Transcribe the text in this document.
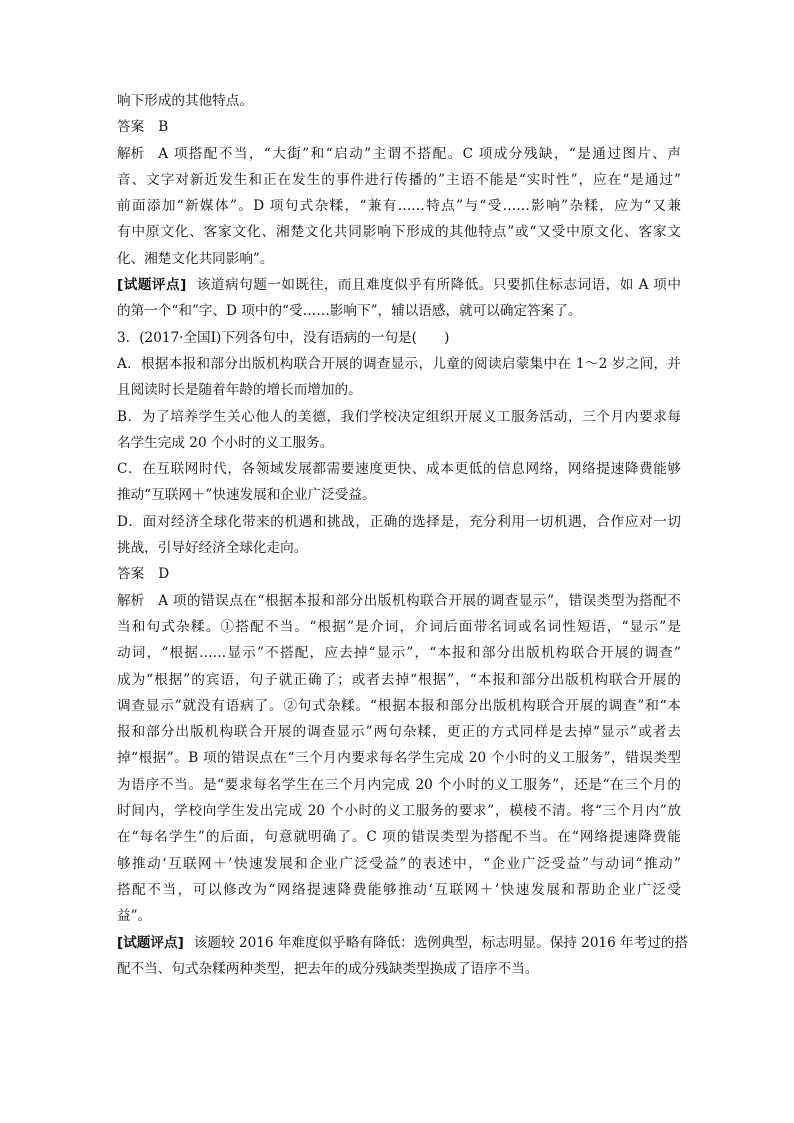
响下形成的其他特点。
答案 B
解析 A 项搭配不当，“大街”和“启动”主谓不搭配。C 项成分残缺，“是通过图片、声
音、文字对新近发生和正在发生的事件进行传播的”主语不能是“实时性”，应在“是通过”
前面添加“新媒体”。D 项句式杂糅，“兼有……特点”与“受……影响”杂糅，应为“又兼
有中原文化、客家文化、湘楚文化共同影响下形成的其他特点”或“又受中原文化、客家文
化、湘楚文化共同影响”。
[试题评点] 该道病句题一如既往，而且难度似乎有所降低。只要抓住标志词语，如 A 项中
的第一个“和”字、D 项中的“受……影响下”，辅以语感，就可以确定答案了。
3．(2017·全国Ⅰ)下列各句中，没有语病的一句是(　　)
A．根据本报和部分出版机构联合开展的调查显示，儿童的阅读启蒙集中在 1～2 岁之间，并
且阅读时长是随着年龄的增长而增加的。
B．为了培养学生关心他人的美德，我们学校决定组织开展义工服务活动，三个月内要求每
名学生完成 20 个小时的义工服务。
C．在互联网时代，各领域发展都需要速度更快、成本更低的信息网络，网络提速降费能够
推动“互联网＋”快速发展和企业广泛受益。
D．面对经济全球化带来的机遇和挑战，正确的选择是，充分利用一切机遇，合作应对一切
挑战，引导好经济全球化走向。
答案 D
解析 A 项的错误点在“根据本报和部分出版机构联合开展的调查显示”，错误类型为搭配不
当和句式杂糅。①搭配不当。“根据”是介词，介词后面带名词或名词性短语，“显示”是
动词，“根据……显示”不搭配，应去掉“显示”，“本报和部分出版机构联合开展的调查”
成为“根据”的宾语，句子就正确了；或者去掉“根据”，“本报和部分出版机构联合开展的
调查显示”就没有语病了。②句式杂糅。“根据本报和部分出版机构联合开展的调查”和“本
报和部分出版机构联合开展的调查显示”两句杂糅，更正的方式同样是去掉“显示”或者去
掉“根据”。B 项的错误点在“三个月内要求每名学生完成 20 个小时的义工服务”，错误类型
为语序不当。是“要求每名学生在三个月内完成 20 个小时的义工服务”，还是“在三个月的
时间内，学校向学生发出完成 20 个小时的义工服务的要求”，模棱不清。将“三个月内”放
在“每名学生”的后面，句意就明确了。C 项的错误类型为搭配不当。在“网络提速降费能
够推动‘互联网＋’快速发展和企业广泛受益”的表述中，“企业广泛受益”与动词“推动”
搭配不当，可以修改为“网络提速降费能够推动‘互联网＋’快速发展和帮助企业广泛受
益”。
[试题评点] 该题较 2016 年难度似乎略有降低：选例典型，标志明显。保持 2016 年考过的搭
配不当、句式杂糅两种类型，把去年的成分残缺类型换成了语序不当。
